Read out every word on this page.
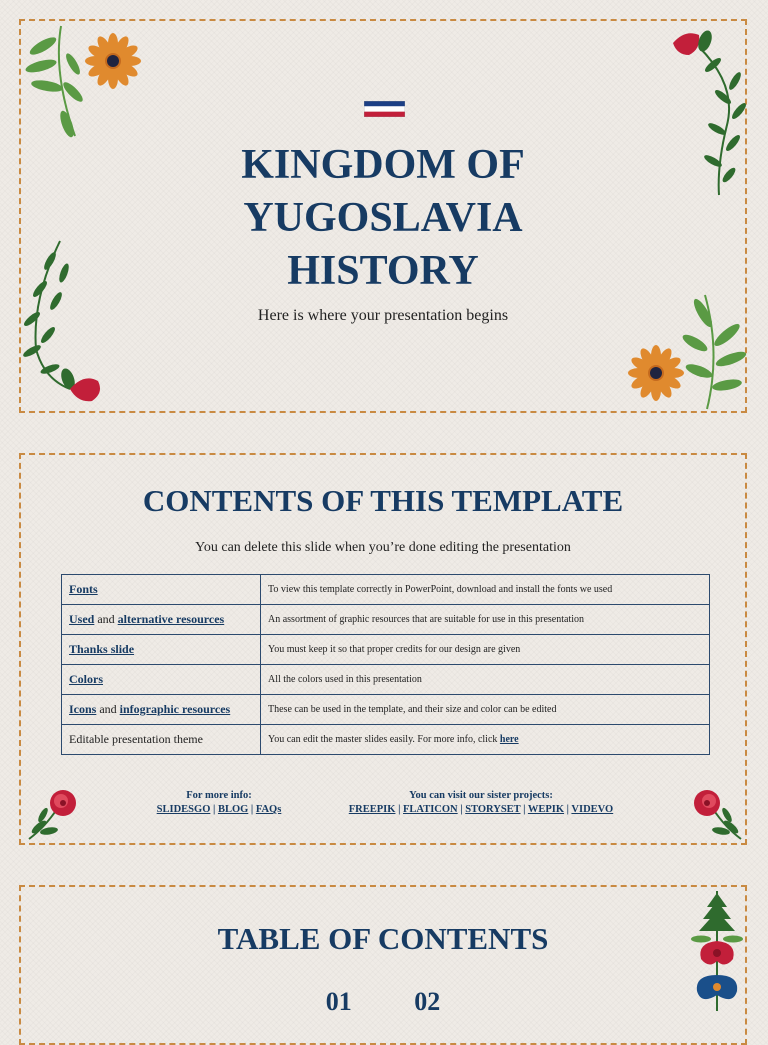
KINGDOM OF
YUGOSLAVIA
HISTORY
Here is where your presentation begins
CONTENTS OF THIS TEMPLATE
You can delete this slide when you’re done editing the presentation
Fonts	To view this template correctly in PowerPoint, download and install the fonts we used
Used and alternative resources	An assortment of graphic resources that are suitable for use in this presentation
Thanks slide	You must keep it so that proper credits for our design are given
Colors	All the colors used in this presentation
Icons and infographic resources	These can be used in the template, and their size and color can be edited
Editable presentation theme	You can edit the master slides easily. For more info, click here
For more info:
SLIDESGO | BLOG | FAQs
You can visit our sister projects:
FREEPIK | FLATICON | STORYSET | WEPIK | VIDEVO
TABLE OF CONTENTS
01 02
